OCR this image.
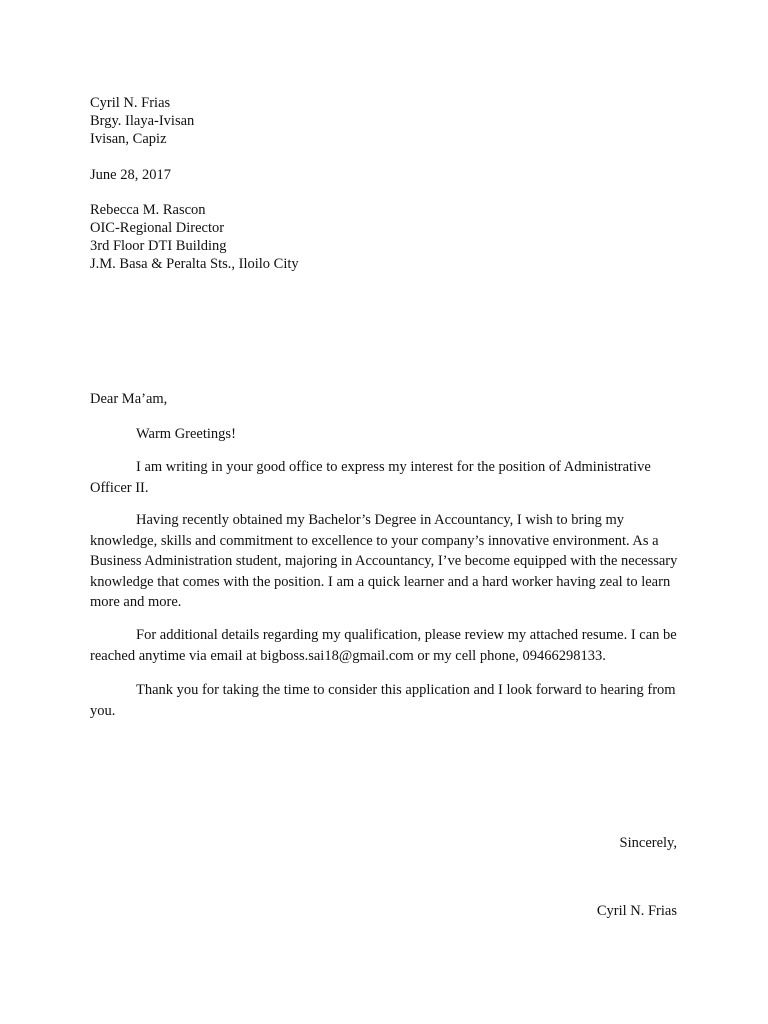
Cyril N. Frias
Brgy. Ilaya-Ivisan
Ivisan, Capiz
June 28, 2017
Rebecca M. Rascon
OIC-Regional Director
3rd Floor DTI Building
J.M. Basa & Peralta Sts., Iloilo City
Dear Ma’am,
Warm Greetings!

I am writing in your good office to express my interest for the position of Administrative Officer II.

Having recently obtained my Bachelor’s Degree in Accountancy, I wish to bring my knowledge, skills and commitment to excellence to your company’s innovative environment. As a Business Administration student, majoring in Accountancy, I’ve become equipped with the necessary knowledge that comes with the position. I am a quick learner and a hard worker having zeal to learn more and more.

For additional details regarding my qualification, please review my attached resume. I can be reached anytime via email at bigboss.sai18@gmail.com or my cell phone, 09466298133.

Thank you for taking the time to consider this application and I look forward to hearing from you.

Sincerely,
Cyril N. Frias
